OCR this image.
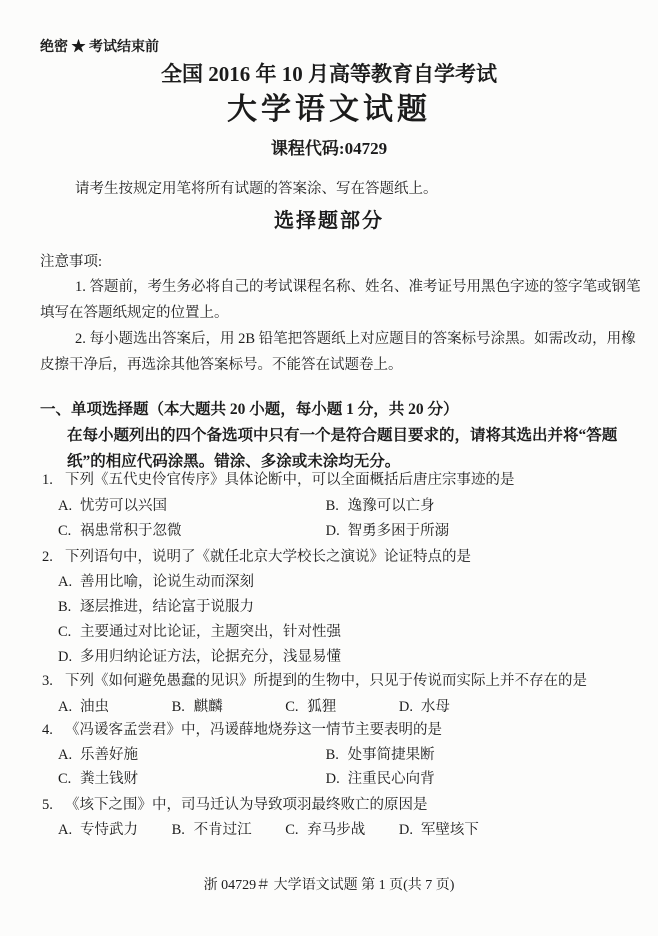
绝密 ★ 考试结束前
全国 2016 年 10 月高等教育自学考试
大学语文试题
课程代码:04729
请考生按规定用笔将所有试题的答案涂、写在答题纸上。
选择题部分
注意事项:
1. 答题前，考生务必将自己的考试课程名称、姓名、准考证号用黑色字迹的签字笔或钢笔
填写在答题纸规定的位置上。
2. 每小题选出答案后，用 2B 铅笔把答题纸上对应题目的答案标号涂黑。如需改动，用橡
皮擦干净后，再选涂其他答案标号。不能答在试题卷上。
一、单项选择题（本大题共 20 小题，每小题 1 分，共 20 分）
在每小题列出的四个备选项中只有一个是符合题目要求的，请将其选出并将“答题
纸”的相应代码涂黑。错涂、多涂或未涂均无分。
1. 下列《五代史伶官传序》具体论断中，可以全面概括后唐庄宗事迹的是
A. 忧劳可以兴国	B. 逸豫可以亡身
C. 祸患常积于忽微	D. 智勇多困于所溺
2. 下列语句中，说明了《就任北京大学校长之演说》论证特点的是
A. 善用比喻，论说生动而深刻
B. 逐层推进，结论富于说服力
C. 主要通过对比论证，主题突出，针对性强
D. 多用归纳论证方法，论据充分，浅显易懂
3. 下列《如何避免愚蠢的见识》所提到的生物中，只见于传说而实际上并不存在的是
A. 油虫	B. 麒麟	C. 狐狸	D. 水母
4. 《冯谖客孟尝君》中，冯谖薛地烧券这一情节主要表明的是
A. 乐善好施	B. 处事简捷果断
C. 粪土钱财	D. 注重民心向背
5. 《垓下之围》中，司马迁认为导致项羽最终败亡的原因是
A. 专恃武力 B. 不肯过江 C. 弃马步战 D. 军壁垓下
浙 04729＃ 大学语文试题 第 1 页(共 7 页)
